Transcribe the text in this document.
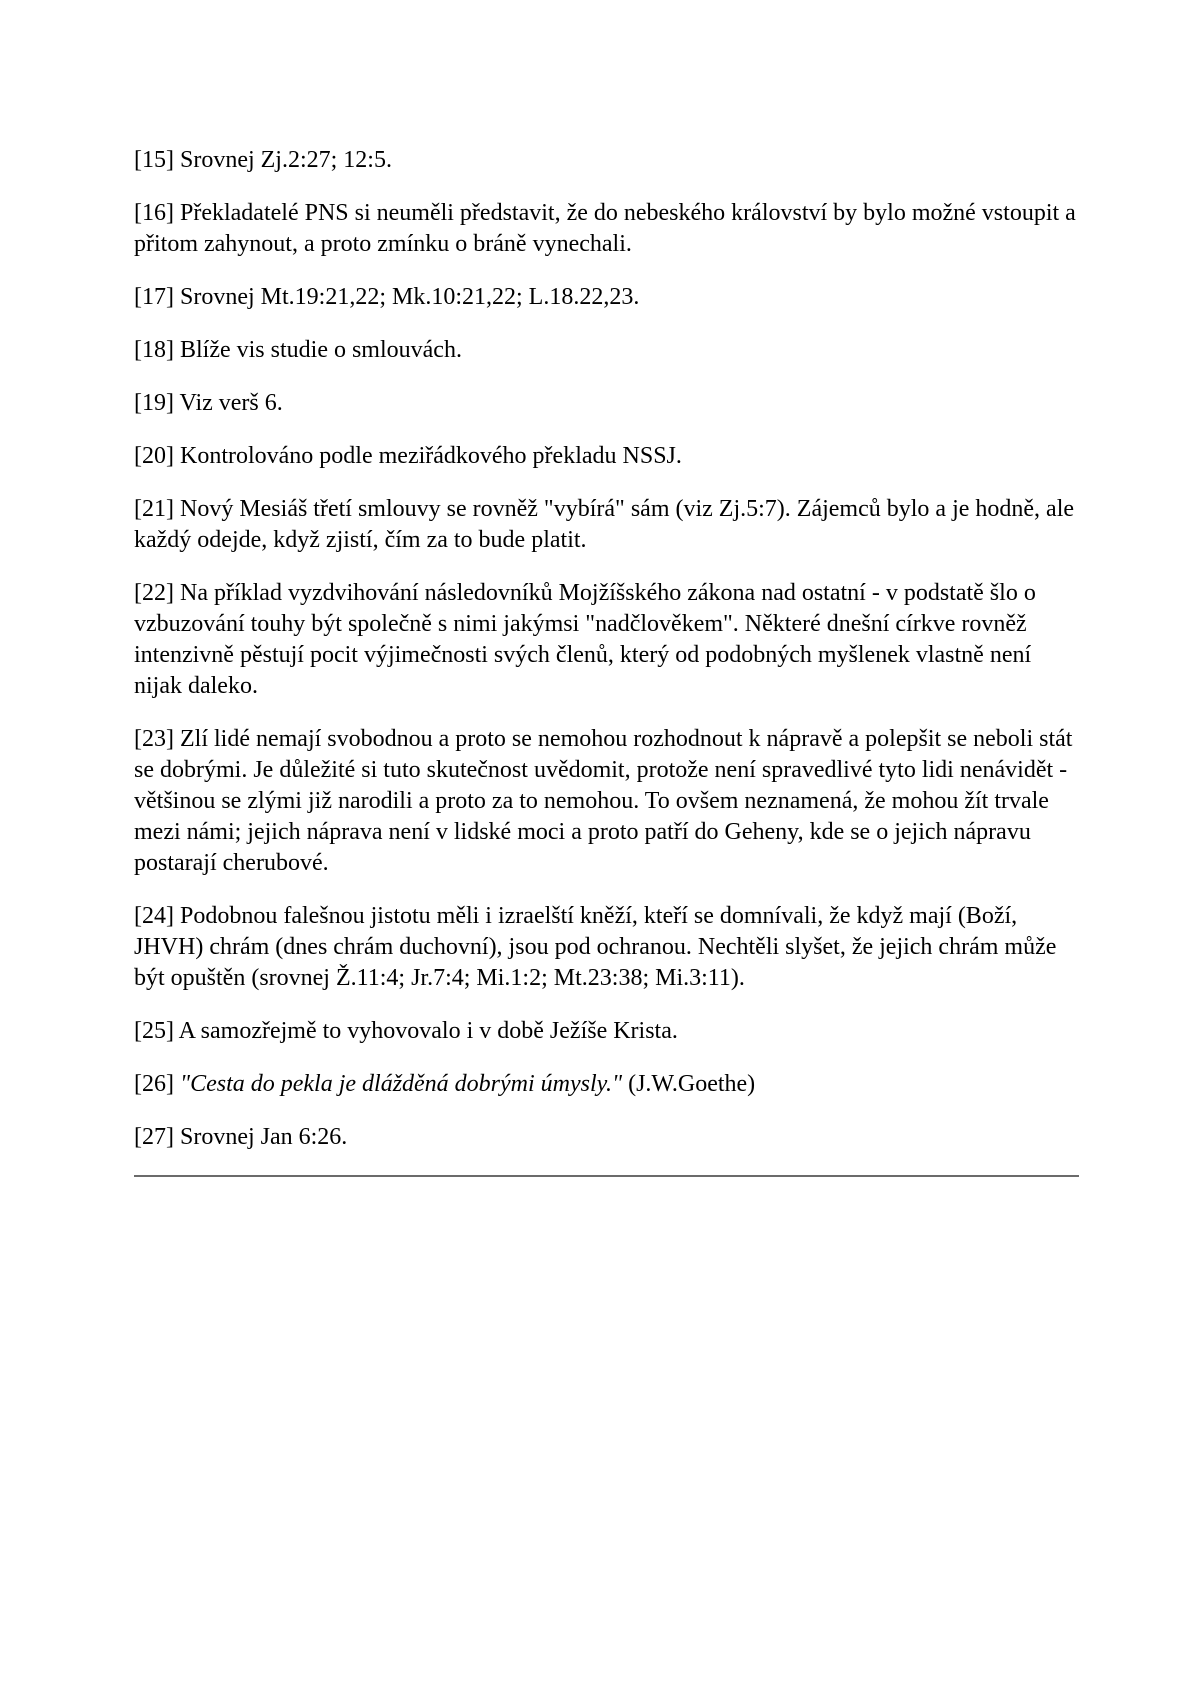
[15] Srovnej Zj.2:27; 12:5.

[16] Překladatelé PNS si neuměli představit, že do nebeského království by bylo možné vstoupit a přitom zahynout, a proto zmínku o bráně vynechali.

[17] Srovnej Mt.19:21,22; Mk.10:21,22; L.18.22,23.

[18] Blíže vis studie o smlouvách.

[19] Viz verš 6.

[20] Kontrolováno podle meziřádkového překladu NSSJ.

[21] Nový Mesiáš třetí smlouvy se rovněž "vybírá" sám (viz Zj.5:7). Zájemců bylo a je hodně, ale každý odejde, když zjistí, čím za to bude platit.

[22] Na příklad vyzdvihování následovníků Mojžíšského zákona nad ostatní - v podstatě šlo o vzbuzování touhy být společně s nimi jakýmsi "nadčlověkem". Některé dnešní církve rovněž intenzivně pěstují pocit výjimečnosti svých členů, který od podobných myšlenek vlastně není nijak daleko.

[23] Zlí lidé nemají svobodnou a proto se nemohou rozhodnout k nápravě a polepšit se neboli stát se dobrými. Je důležité si tuto skutečnost uvědomit, protože není spravedlivé tyto lidi nenávidět - většinou se zlými již narodili a proto za to nemohou. To ovšem neznamená, že mohou žít trvale mezi námi; jejich náprava není v lidské moci a proto patří do Geheny, kde se o jejich nápravu postarají cherubové.

[24] Podobnou falešnou jistotu měli i izraelští kněží, kteří se domnívali, že když mají (Boží, JHVH) chrám (dnes chrám duchovní), jsou pod ochranou. Nechtěli slyšet, že jejich chrám může být opuštěn (srovnej Ž.11:4; Jr.7:4; Mi.1:2; Mt.23:38; Mi.3:11).

[25] A samozřejmě to vyhovovalo i v době Ježíše Krista.

[26] "Cesta do pekla je dlážděná dobrými úmysly." (J.W.Goethe)

[27] Srovnej Jan 6:26.
